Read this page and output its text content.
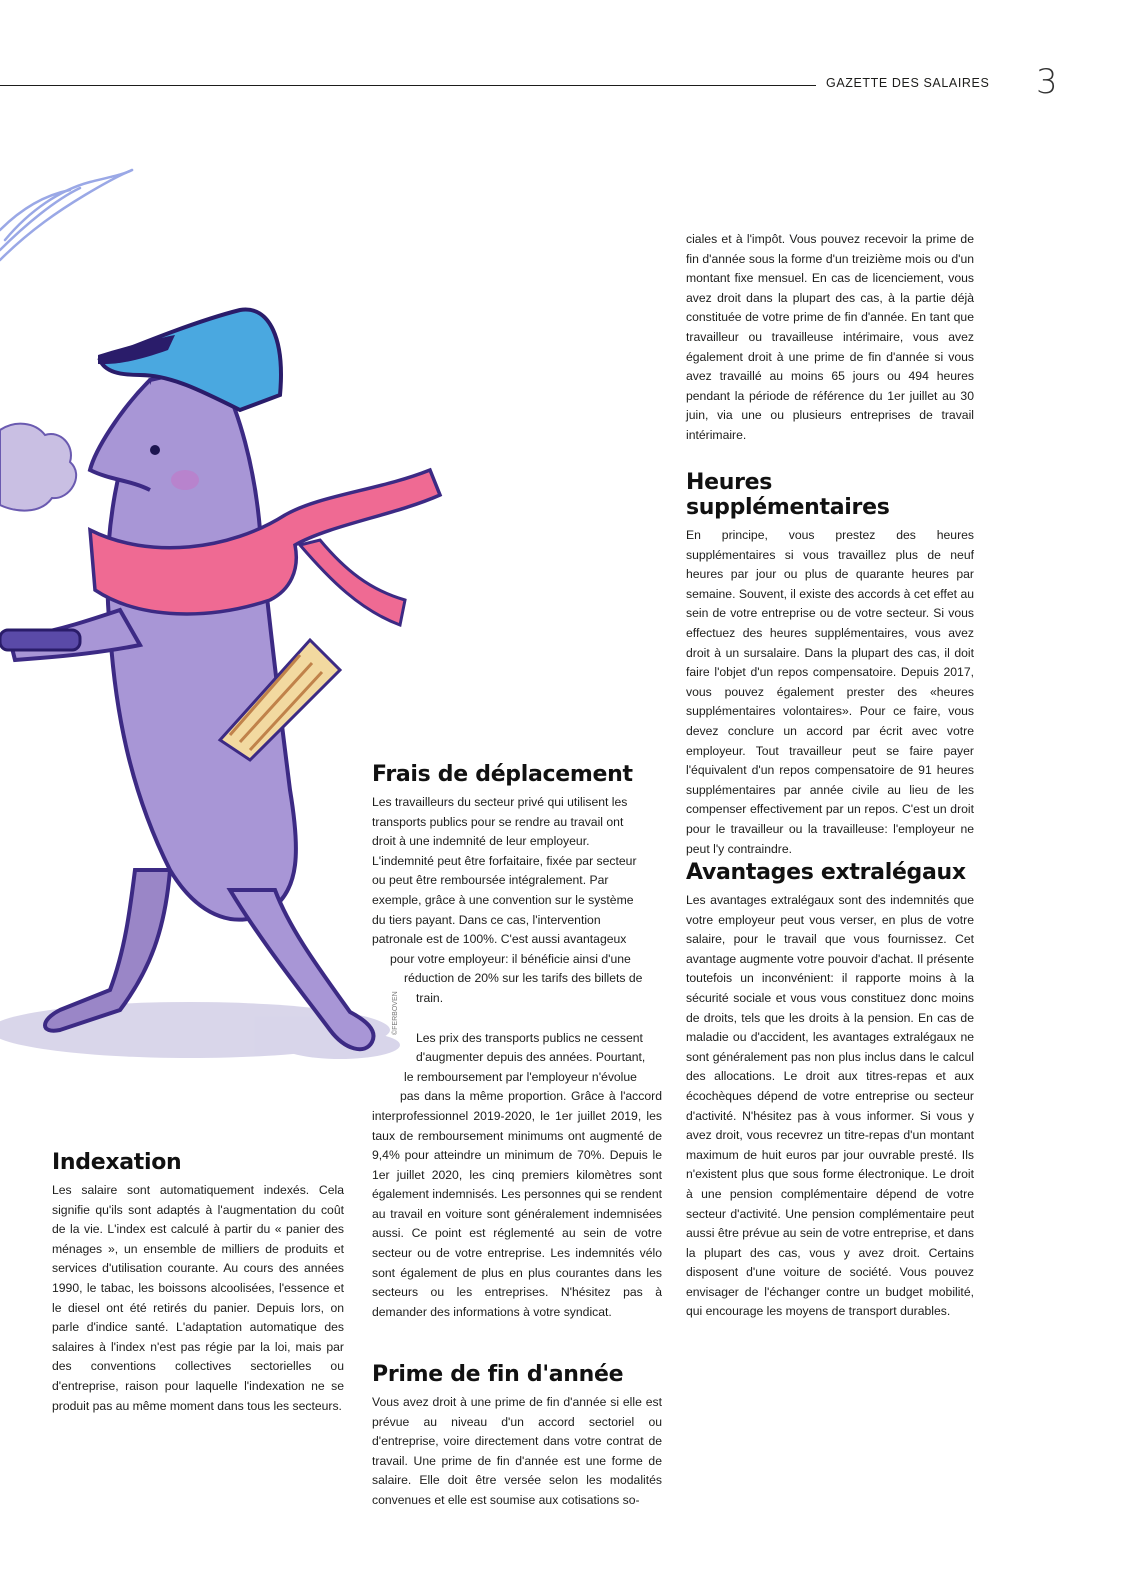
GAZETTE DES SALAIRES 3
©FERBOVEN

ciales et à l'impôt. Vous pouvez recevoir la prime de fin d'année sous la forme d'un treizième mois ou d'un montant fixe mensuel. En cas de licenciement, vous avez droit dans la plupart des cas, à la partie déjà constituée de votre prime de fin d'année. En tant que travailleur ou travailleuse intérimaire, vous avez également droit à une prime de fin d'année si vous avez travaillé au moins 65 jours ou 494 heures pendant la période de référence du 1er juillet au 30 juin, via une ou plusieurs entreprises de travail intérimaire.

Heures supplémentaires

En principe, vous prestez des heures supplémentaires si vous travaillez plus de neuf heures par jour ou plus de quarante heures par semaine. Souvent, il existe des accords à cet effet au sein de votre entreprise ou de votre secteur. Si vous effectuez des heures supplémentaires, vous avez droit à un sursalaire. Dans la plupart des cas, il doit faire l'objet d'un repos compensatoire. Depuis 2017, vous pouvez également prester des «heures supplémentaires volontaires». Pour ce faire, vous devez conclure un accord par écrit avec votre employeur. Tout travailleur peut se faire payer l'équivalent d'un repos compensatoire de 91 heures supplémentaires par année civile au lieu de les compenser effectivement par un repos. C'est un droit pour le travailleur ou la travailleuse: l'employeur ne peut l'y contraindre.

Avantages extralégaux

Les avantages extralégaux sont des indemnités que votre employeur peut vous verser, en plus de votre salaire, pour le travail que vous fournissez. Cet avantage augmente votre pouvoir d'achat. Il présente toutefois un inconvénient: il rapporte moins à la sécurité sociale et vous vous constituez donc moins de droits, tels que les droits à la pension. En cas de maladie ou d'accident, les avantages extralégaux ne sont généralement pas non plus inclus dans le calcul des allocations. Le droit aux titres-repas et aux écochèques dépend de votre entreprise ou secteur d'activité. N'hésitez pas à vous informer. Si vous y avez droit, vous recevrez un titre-repas d'un montant maximum de huit euros par jour ouvrable presté. Ils n'existent plus que sous forme électronique. Le droit à une pension complémentaire dépend de votre secteur d'activité. Une pension complémentaire peut aussi être prévue au sein de votre entreprise, et dans la plupart des cas, vous y avez droit. Certains disposent d'une voiture de société. Vous pouvez envisager de l'échanger contre un budget mobilité, qui encourage les moyens de transport durables.

Frais de déplacement

Les travailleurs du secteur privé qui utilisent les transports publics pour se rendre au travail ont droit à une indemnité de leur employeur. L'indemnité peut être forfaitaire, fixée par secteur ou peut être remboursée intégralement. Par exemple, grâce à une convention sur le système du tiers payant. Dans ce cas, l'intervention patronale est de 100%. C'est aussi avantageux

pour votre employeur: il bénéficie ainsi d'une

réduction de 20% sur les tarifs des billets de

train.

Les prix des transports publics ne cessent

d'augmenter depuis des années. Pourtant,

le remboursement par l'employeur n'évolue

pas dans la même proportion. Grâce à l'accord interprofessionnel 2019-2020, le 1er juillet 2019, les taux de remboursement minimums ont augmenté de 9,4% pour atteindre un minimum de 70%. Depuis le 1er juillet 2020, les cinq premiers kilomètres sont également indemnisés. Les personnes qui se rendent au travail en voiture sont généralement indemnisées aussi. Ce point est réglementé au sein de votre secteur ou de votre entreprise. Les indemnités vélo sont également de plus en plus courantes dans les secteurs ou les entreprises. N'hésitez pas à demander des informations à votre syndicat.

Prime de fin d'année

Vous avez droit à une prime de fin d'année si elle est prévue au niveau d'un accord sectoriel ou d'entreprise, voire directement dans votre contrat de travail. Une prime de fin d'année est une forme de salaire. Elle doit être versée selon les modalités convenues et elle est soumise aux cotisations so-

Indexation

Les salaire sont automatiquement indexés. Cela signifie qu'ils sont adaptés à l'augmentation du coût de la vie. L'index est calculé à partir du « panier des ménages », un ensemble de milliers de produits et services d'utilisation courante. Au cours des années 1990, le tabac, les boissons alcoolisées, l'essence et le diesel ont été retirés du panier. Depuis lors, on parle d'indice santé. L'adaptation automatique des salaires à l'index n'est pas régie par la loi, mais par des conventions collectives sectorielles ou d'entreprise, raison pour laquelle l'indexation ne se produit pas au même moment dans tous les secteurs.
